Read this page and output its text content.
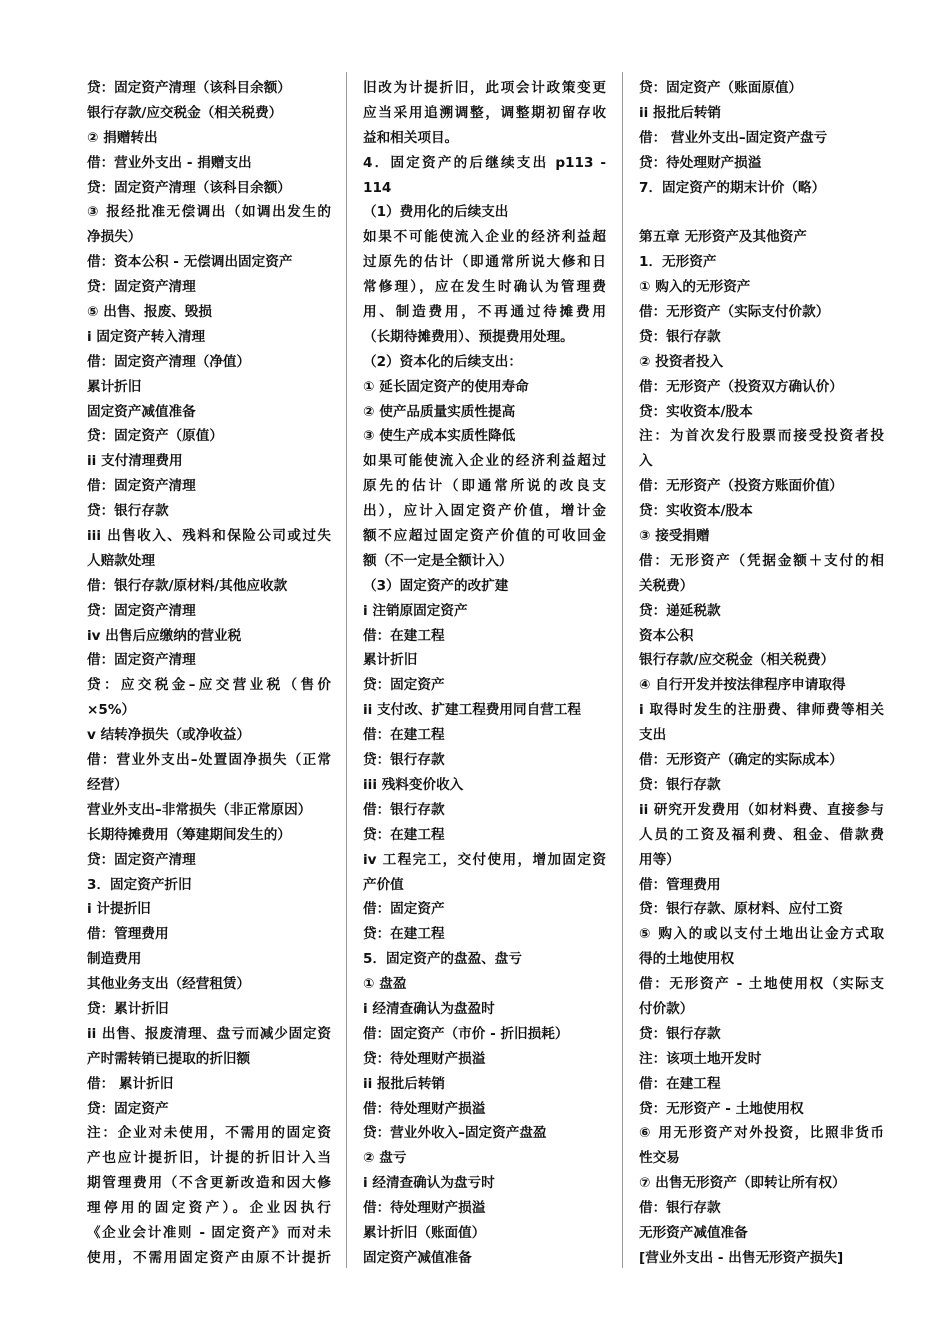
贷：固定资产清理（该科目余额）
银行存款/应交税金（相关税费）
② 捐赠转出
借：营业外支出 - 捐赠支出
贷：固定资产清理（该科目余额）
③ 报经批准无偿调出（如调出发生的
净损失）
借：资本公积 - 无偿调出固定资产
贷：固定资产清理
⑤ 出售、报废、毁损
i 固定资产转入清理
借：固定资产清理（净值）
累计折旧
固定资产减值准备
贷：固定资产（原值）
ii 支付清理费用
借：固定资产清理
贷：银行存款
iii 出售收入、残料和保险公司或过失
人赔款处理
借：银行存款/原材料/其他应收款
贷：固定资产清理
iv 出售后应缴纳的营业税
借：固定资产清理
贷：应交税金–应交营业税（售价
×5%）
v 结转净损失（或净收益）
借：营业外支出–处置固净损失（正常
经营）
营业外支出–非常损失（非正常原因）
长期待摊费用（筹建期间发生的）
贷：固定资产清理
3．固定资产折旧
i 计提折旧
借：管理费用
制造费用
其他业务支出（经营租赁）
贷：累计折旧
ii 出售、报废清理、盘亏而减少固定资
产时需转销已提取的折旧额
借： 累计折旧
贷：固定资产
注：企业对未使用，不需用的固定资
产也应计提折旧，计提的折旧计入当
期管理费用（不含更新改造和因大修
理停用的固定资产）。企业因执行
《企业会计准则 - 固定资产》而对未
使用，不需用固定资产由原不计提折
旧改为计提折旧，此项会计政策变更
应当采用追溯调整，调整期初留存收
益和相关项目。
4．固定资产的后继续支出 p113 -
114
（1）费用化的后续支出
如果不可能使流入企业的经济利益超
过原先的估计（即通常所说大修和日
常修理），应在发生时确认为管理费
用、制造费用，不再通过待摊费用
（长期待摊费用）、预提费用处理。
（2）资本化的后续支出：
① 延长固定资产的使用寿命
② 使产品质量实质性提高
③ 使生产成本实质性降低
如果可能使流入企业的经济利益超过
原先的估计（即通常所说的改良支
出），应计入固定资产价值，增计金
额不应超过固定资产价值的可收回金
额（不一定是全额计入）
（3）固定资产的改扩建
i 注销原固定资产
借：在建工程
累计折旧
贷：固定资产
ii 支付改、扩建工程费用同自营工程
借：在建工程
贷：银行存款
iii 残料变价收入
借：银行存款
贷：在建工程
iv 工程完工，交付使用，增加固定资
产价值
借：固定资产
贷：在建工程
5．固定资产的盘盈、盘亏
① 盘盈
i 经清查确认为盘盈时
借：固定资产（市价 - 折旧损耗）
贷：待处理财产损溢
ii 报批后转销
借：待处理财产损溢
贷：营业外收入–固定资产盘盈
② 盘亏
i 经清查确认为盘亏时
借：待处理财产损溢
累计折旧（账面值）
固定资产减值准备
贷：固定资产（账面原值）
ii 报批后转销
借： 营业外支出–固定资产盘亏
贷：待处理财产损溢
7．固定资产的期末计价（略）
第五章 无形资产及其他资产
1．无形资产
① 购入的无形资产
借：无形资产（实际支付价款）
贷：银行存款
② 投资者投入
借：无形资产（投资双方确认价）
贷：实收资本/股本
注：为首次发行股票而接受投资者投
入
借：无形资产（投资方账面价值）
贷：实收资本/股本
③ 接受捐赠
借：无形资产（凭据金额＋支付的相
关税费）
贷：递延税款
资本公积
银行存款/应交税金（相关税费）
④ 自行开发并按法律程序申请取得
i 取得时发生的注册费、律师费等相关
支出
借：无形资产（确定的实际成本）
贷：银行存款
ii 研究开发费用（如材料费、直接参与
人员的工资及福利费、租金、借款费
用等）
借：管理费用
贷：银行存款、原材料、应付工资
⑤ 购入的或以支付土地出让金方式取
得的土地使用权
借：无形资产 - 土地使用权（实际支
付价款）
贷：银行存款
注：该项土地开发时
借：在建工程
贷：无形资产 - 土地使用权
⑥ 用无形资产对外投资，比照非货币
性交易
⑦ 出售无形资产（即转让所有权）
借：银行存款
无形资产减值准备
[营业外支出 - 出售无形资产损失]
